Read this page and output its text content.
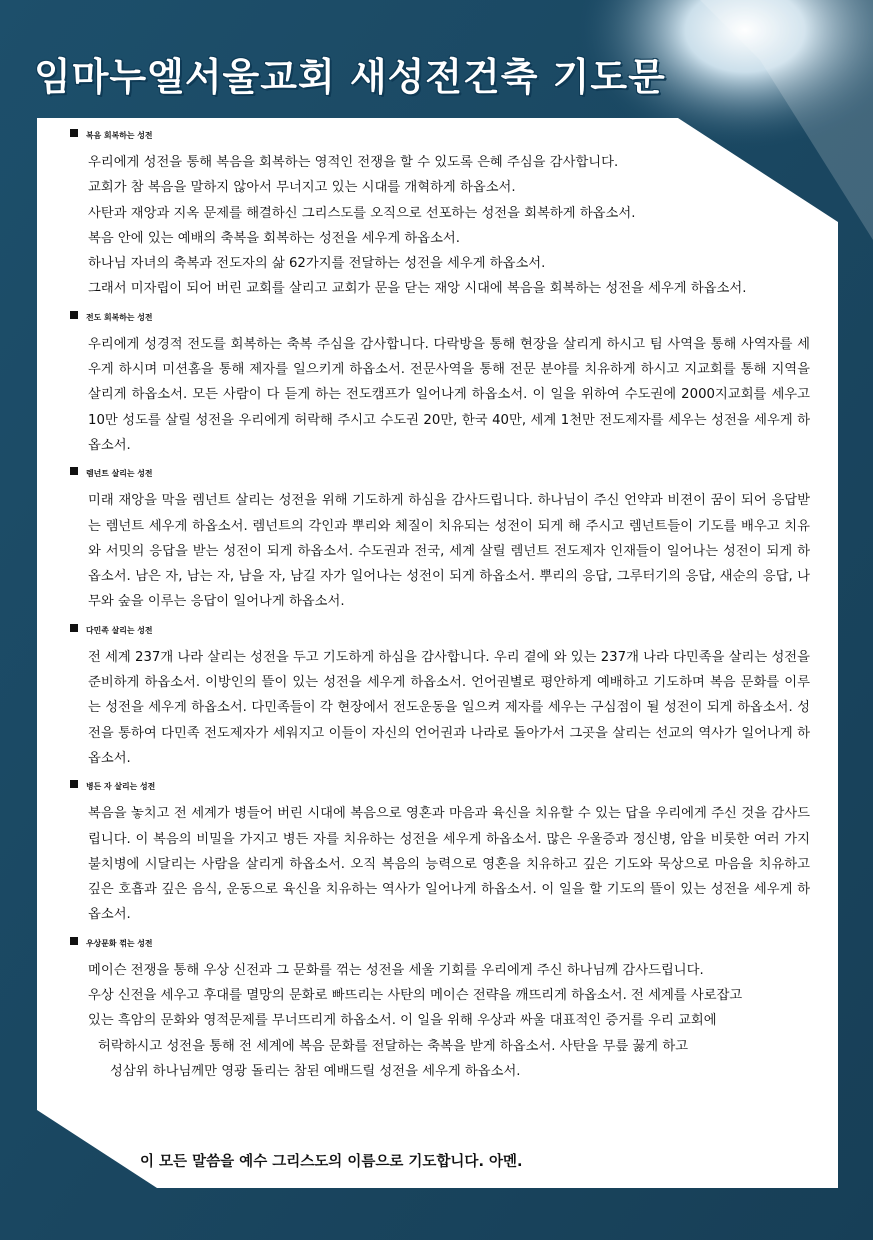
임마누엘서울교회 새성전건축 기도문
복음 회복하는 성전
우리에게 성전을 통해 복음을 회복하는 영적인 전쟁을 할 수 있도록 은혜 주심을 감사합니다.
교회가 참 복음을 말하지 않아서 무너지고 있는 시대를 개혁하게 하옵소서.
사탄과 재앙과 지옥 문제를 해결하신 그리스도를 오직으로 선포하는 성전을 회복하게 하옵소서.
복음 안에 있는 예배의 축복을 회복하는 성전을 세우게 하옵소서.
하나님 자녀의 축복과 전도자의 삶 62가지를 전달하는 성전을 세우게 하옵소서.
그래서 미자립이 되어 버린 교회를 살리고 교회가 문을 닫는 재앙 시대에 복음을 회복하는 성전을 세우게 하옵소서.
전도 회복하는 성전
우리에게 성경적 전도를 회복하는 축복 주심을 감사합니다. 다락방을 통해 현장을 살리게 하시고 팀 사역을 통해 사역자를 세우게 하시며 미션홈을 통해 제자를 일으키게 하옵소서. 전문사역을 통해 전문 분야를 치유하게 하시고 지교회를 통해 지역을 살리게 하옵소서. 모든 사람이 다 듣게 하는 전도캠프가 일어나게 하옵소서. 이 일을 위하여 수도권에 2000지교회를 세우고 10만 성도를 살릴 성전을 우리에게 허락해 주시고 수도권 20만, 한국 40만, 세계 1천만 전도제자를 세우는 성전을 세우게 하옵소서.
렘넌트 살리는 성전
미래 재앙을 막을 렘넌트 살리는 성전을 위해 기도하게 하심을 감사드립니다. 하나님이 주신 언약과 비젼이 꿈이 되어 응답받는 렘넌트 세우게 하옵소서. 렘넌트의 각인과 뿌리와 체질이 치유되는 성전이 되게 해 주시고 렘넌트들이 기도를 배우고 치유와 서밋의 응답을 받는 성전이 되게 하옵소서. 수도권과 전국, 세계 살릴 렘넌트 전도제자 인재들이 일어나는 성전이 되게 하옵소서. 남은 자, 남는 자, 남을 자, 남길 자가 일어나는 성전이 되게 하옵소서. 뿌리의 응답, 그루터기의 응답, 새순의 응답, 나무와 숲을 이루는 응답이 일어나게 하옵소서.
다민족 살리는 성전
전 세계 237개 나라 살리는 성전을 두고 기도하게 하심을 감사합니다. 우리 곁에 와 있는 237개 나라 다민족을 살리는 성전을 준비하게 하옵소서. 이방인의 뜰이 있는 성전을 세우게 하옵소서. 언어권별로 평안하게 예배하고 기도하며 복음 문화를 이루는 성전을 세우게 하옵소서. 다민족들이 각 현장에서 전도운동을 일으켜 제자를 세우는 구심점이 될 성전이 되게 하옵소서. 성전을 통하여 다민족 전도제자가 세워지고 이들이 자신의 언어권과 나라로 돌아가서 그곳을 살리는 선교의 역사가 일어나게 하옵소서.
병든 자 살리는 성전
복음을 놓치고 전 세계가 병들어 버린 시대에 복음으로 영혼과 마음과 육신을 치유할 수 있는 답을 우리에게 주신 것을 감사드립니다. 이 복음의 비밀을 가지고 병든 자를 치유하는 성전을 세우게 하옵소서. 많은 우울증과 정신병, 암을 비롯한 여러 가지 불치병에 시달리는 사람을 살리게 하옵소서. 오직 복음의 능력으로 영혼을 치유하고 깊은 기도와 묵상으로 마음을 치유하고 깊은 호흡과 깊은 음식, 운동으로 육신을 치유하는 역사가 일어나게 하옵소서. 이 일을 할 기도의 뜰이 있는 성전을 세우게 하옵소서.
우상문화 꺾는 성전
메이슨 전쟁을 통해 우상 신전과 그 문화를 꺾는 성전을 세울 기회를 우리에게 주신 하나님께 감사드립니다.
우상 신전을 세우고 후대를 멸망의 문화로 빠뜨리는 사탄의 메이슨 전략을 깨뜨리게 하옵소서. 전 세계를 사로잡고
있는 흑암의 문화와 영적문제를 무너뜨리게 하옵소서. 이 일을 위해 우상과 싸울 대표적인 증거를 우리 교회에
허락하시고 성전을 통해 전 세계에 복음 문화를 전달하는 축복을 받게 하옵소서. 사탄을 무릎 꿇게 하고
성삼위 하나님께만 영광 돌리는 참된 예배드릴 성전을 세우게 하옵소서.
이 모든 말씀을 예수 그리스도의 이름으로 기도합니다. 아멘.
